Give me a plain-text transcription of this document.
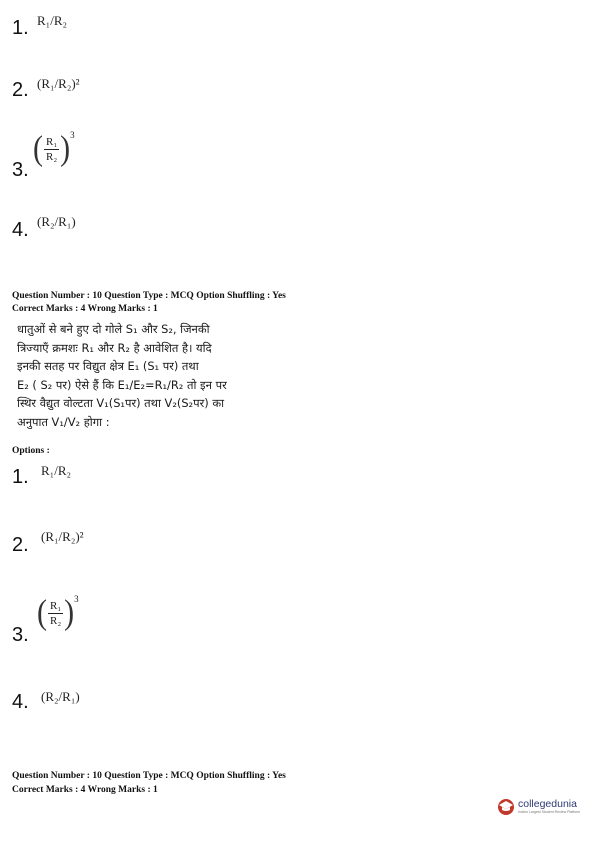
1. R₁/R₂
2. (R₁/R₂)²
3.
( $\frac{\text{R₁}}{\text{R₂}}$ ) 3
4. (R₂/R₁)
Question Number : 10 Question Type : MCQ Option Shuffling : Yes
Correct Marks : 4 Wrong Marks : 1
धातुओं से बने हुए दो गोले S₁ और S₂, जिनकी
त्रिज्याएँ क्रमशः R₁ और R₂ है आवेशित है। यदि
इनकी सतह पर विद्युत क्षेत्र E₁ (S₁ पर) तथा
E₂ ( S₂ पर) ऐसे हैं कि E₁/E₂=R₁/R₂ तो इन पर
स्थिर वैद्युत वोल्टता V₁(S₁पर) तथा V₂(S₂पर) का
अनुपात V₁/V₂ होगा :
Options :
1. R₁/R₂
2. (R₁/R₂)²
3.
( $\frac{\text{R₁}}{\text{R₂}}$ ) 3
4. (R₂/R₁)
Question Number : 10 Question Type : MCQ Option Shuffling : Yes
Correct Marks : 4 Wrong Marks : 1
collegedunia
India's Largest Student Review Platform
